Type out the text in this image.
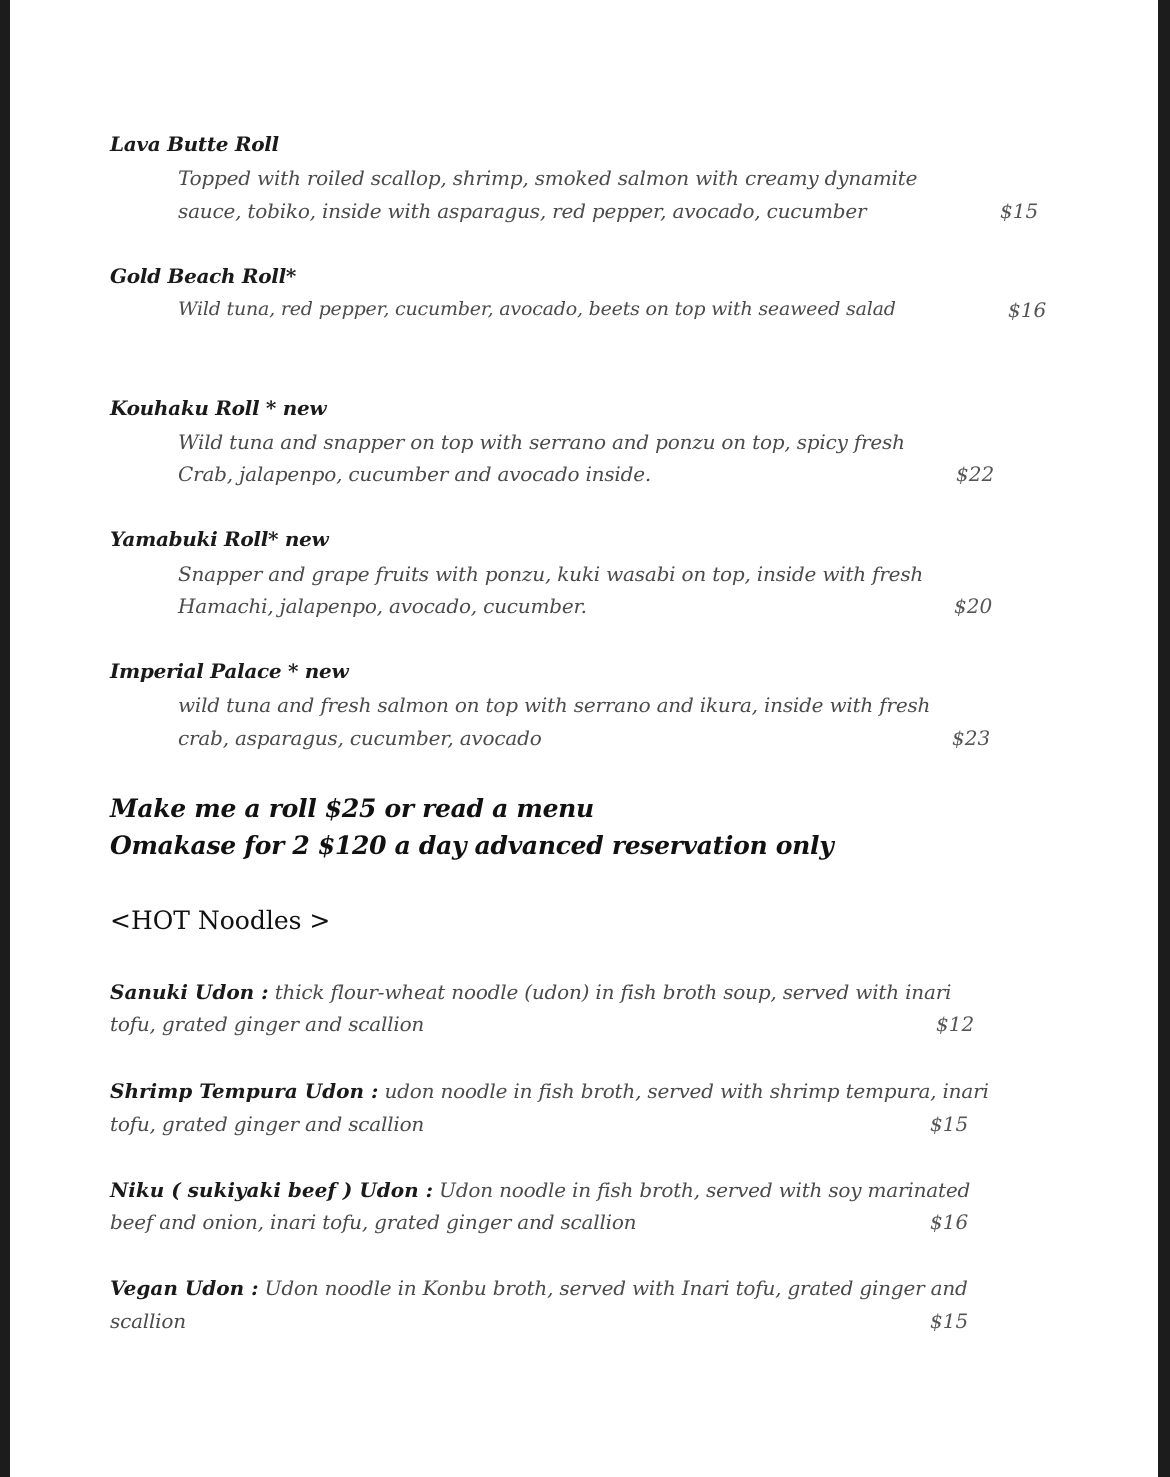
Lava Butte Roll
Topped with roiled scallop, shrimp, smoked salmon with creamy dynamite
sauce, tobiko, inside with asparagus, red pepper, avocado, cucumber	$15
Gold Beach Roll*
Wild tuna, red pepper, cucumber, avocado, beets on top with seaweed salad	$16
Kouhaku Roll * new
Wild tuna and snapper on top with serrano and ponzu on top, spicy fresh
Crab, jalapenpo, cucumber and avocado inside.	$22
Yamabuki Roll* new
Snapper and grape fruits with ponzu, kuki wasabi on top, inside with fresh
Hamachi, jalapenpo, avocado, cucumber.	$20
Imperial Palace * new
wild tuna and fresh salmon on top with serrano and ikura, inside with fresh
crab, asparagus, cucumber, avocado	$23
Make me a roll $25 or read a menu
Omakase for 2 $120 a day advanced reservation only
<HOT Noodles >
Sanuki Udon : thick flour-wheat noodle (udon) in fish broth soup, served with inari
tofu, grated ginger and scallion	$12
Shrimp Tempura Udon : udon noodle in fish broth, served with shrimp tempura, inari
tofu, grated ginger and scallion	$15
Niku ( sukiyaki beef ) Udon : Udon noodle in fish broth, served with soy marinated
beef and onion, inari tofu, grated ginger and scallion	$16
Vegan Udon : Udon noodle in Konbu broth, served with Inari tofu, grated ginger and
scallion	$15
